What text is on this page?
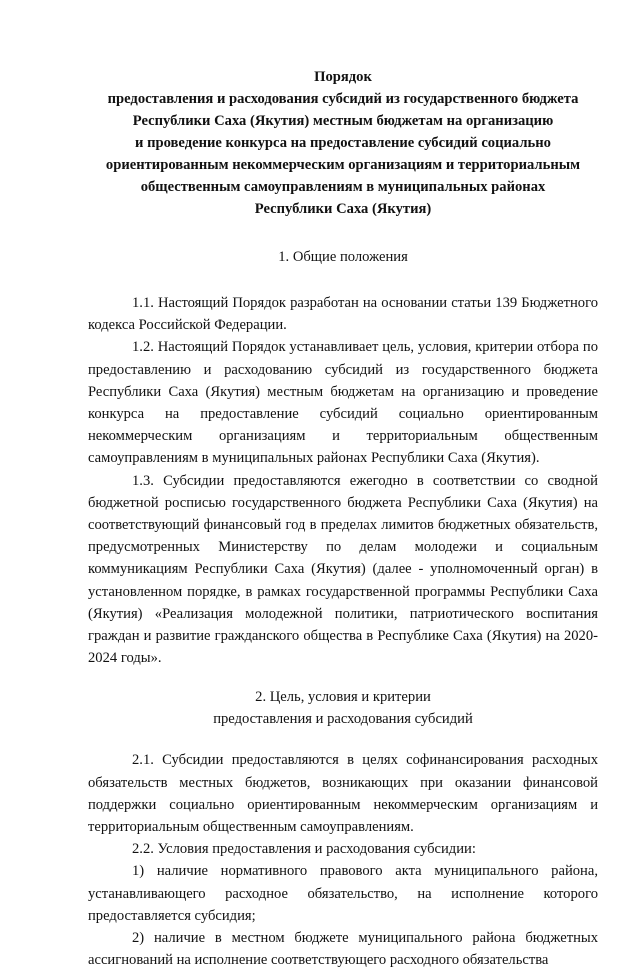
Порядок
предоставления и расходования субсидий из государственного бюджета
Республики Саха (Якутия) местным бюджетам на организацию
и проведение конкурса на предоставление субсидий социально
ориентированным некоммерческим организациям и территориальным
общественным самоуправлениям в муниципальных районах
Республики Саха (Якутия)
1. Общие положения

1.1. Настоящий Порядок разработан на основании статьи 139 Бюджетного кодекса Российской Федерации.

1.2. Настоящий Порядок устанавливает цель, условия, критерии отбора по предоставлению и расходованию субсидий из государственного бюджета Республики Саха (Якутия) местным бюджетам на организацию и проведение конкурса на предоставление субсидий социально ориентированным некоммерческим организациям и территориальным общественным самоуправлениям в муниципальных районах Республики Саха (Якутия).

1.3. Субсидии предоставляются ежегодно в соответствии со сводной бюджетной росписью государственного бюджета Республики Саха (Якутия) на соответствующий финансовый год в пределах лимитов бюджетных обязательств, предусмотренных Министерству по делам молодежи и социальным коммуникациям Республики Саха (Якутия) (далее - уполномоченный орган) в установленном порядке, в рамках государственной программы Республики Саха (Якутия) «Реализация молодежной политики, патриотического воспитания граждан и развитие гражданского общества в Республике Саха (Якутия) на 2020-2024 годы».

2. Цель, условия и критерии
предоставления и расходования субсидий

2.1. Субсидии предоставляются в целях софинансирования расходных обязательств местных бюджетов, возникающих при оказании финансовой поддержки социально ориентированным некоммерческим организациям и территориальным общественным самоуправлениям.

2.2. Условия предоставления и расходования субсидии:

1) наличие нормативного правового акта муниципального района, устанавливающего расходное обязательство, на исполнение которого предоставляется субсидия;

2) наличие в местном бюджете муниципального района бюджетных ассигнований на исполнение соответствующего расходного обязательства
